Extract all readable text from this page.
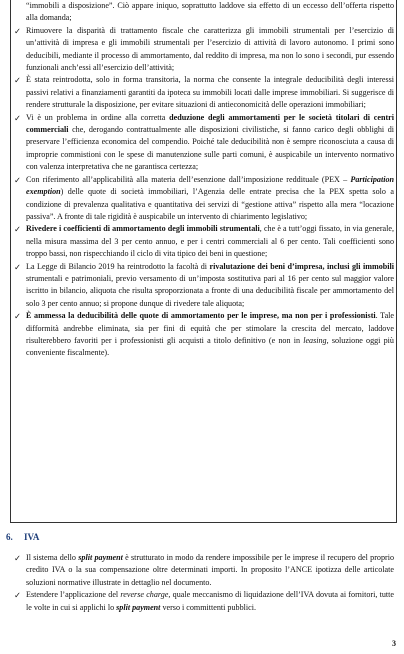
“immobili a disposizione”. Ciò appare iniquo, soprattutto laddove sia effetto di un eccesso dell’offerta rispetto alla domanda;
✓ Rimuovere la disparità di trattamento fiscale che caratterizza gli immobili strumentali per l’esercizio di un’attività di impresa e gli immobili strumentali per l’esercizio di attività di lavoro autonomo. I primi sono deducibili, mediante il processo di ammortamento, dal reddito di impresa, ma non lo sono i secondi, pur essendo funzionali anch’essi all’esercizio dell’attività;
✓ È stata reintrodotta, solo in forma transitoria, la norma che consente la integrale deducibilità degli interessi passivi relativi a finanziamenti garantiti da ipoteca su immobili locati dalle imprese immobiliari. Si suggerisce di rendere strutturale la disposizione, per evitare situazioni di antieconomicità delle operazioni immobiliari;
✓ Vi è un problema in ordine alla corretta deduzione degli ammortamenti per le società titolari di centri commerciali che, derogando contrattualmente alle disposizioni civilistiche, si fanno carico degli obblighi di preservare l’efficienza economica del compendio. Poiché tale deducibilità non è sempre riconosciuta a causa di improprie commistioni con le spese di manutenzione sulle parti comuni, è auspicabile un intervento normativo con valenza interpretativa che ne garantisca certezza;
✓ Con riferimento all’applicabilità alla materia dell’esenzione dall’imposizione reddituale (PEX – Participation exemption) delle quote di società immobiliari, l’Agenzia delle entrate precisa che la PEX spetta solo a condizione di prevalenza qualitativa e quantitativa dei servizi di “gestione attiva” rispetto alla mera “locazione passiva”. A fronte di tale rigidità è auspicabile un intervento di chiarimento legislativo;
✓ Rivedere i coefficienti di ammortamento degli immobili strumentali, che è a tutt’oggi fissato, in via generale, nella misura massima del 3 per cento annuo, e per i centri commerciali al 6 per cento. Tali coefficienti sono troppo bassi, non rispecchiando il ciclo di vita tipico dei beni in questione;
✓ La Legge di Bilancio 2019 ha reintrodotto la facoltà di rivalutazione dei beni d’impresa, inclusi gli immobili strumentali e patrimoniali, previo versamento di un’imposta sostitutiva pari al 16 per cento sul maggior valore iscritto in bilancio, aliquota che risulta sproporzionata a fronte di una deducibilità fiscale per ammortamento del solo 3 per cento annuo; si propone dunque di rivedere tale aliquota;
✓ È ammessa la deducibilità delle quote di ammortamento per le imprese, ma non per i professionisti. Tale difformità andrebbe eliminata, sia per fini di equità che per stimolare la crescita del mercato, laddove risulterebbero favoriti per i professionisti gli acquisti a titolo definitivo (e non in leasing, soluzione oggi più conveniente fiscalmente).
6. IVA
✓ Il sistema dello split payment è strutturato in modo da rendere impossibile per le imprese il recupero del proprio credito IVA o la sua compensazione oltre determinati importi. In proposito l’ANCE ipotizza delle articolate soluzioni normative illustrate in dettaglio nel documento.
✓ Estendere l’applicazione del reverse charge, quale meccanismo di liquidazione dell’IVA dovuta ai fornitori, tutte le volte in cui si applichi lo split payment verso i committenti pubblici.
3
